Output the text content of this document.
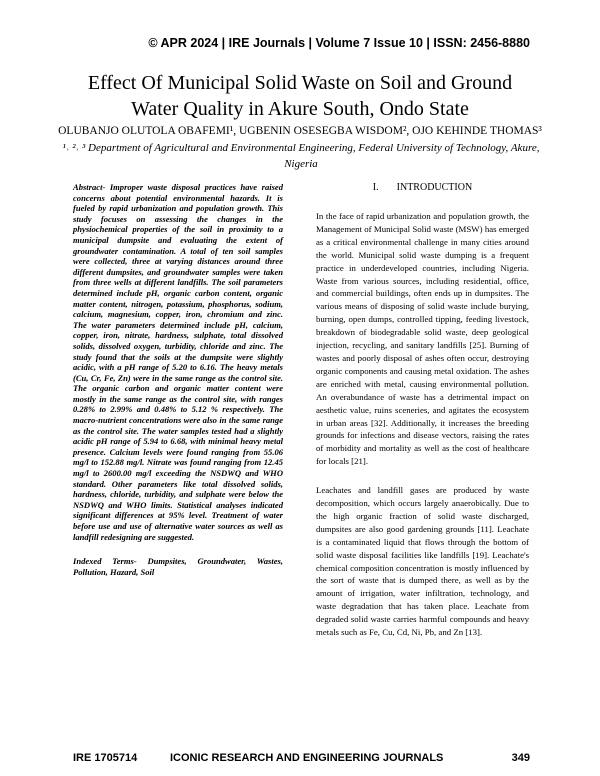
© APR 2024 | IRE Journals | Volume 7 Issue 10 | ISSN: 2456-8880
Effect Of Municipal Solid Waste on Soil and Ground
Water Quality in Akure South, Ondo State
OLUBANJO OLUTOLA OBAFEMI¹, UGBENIN OSESEGBA WISDOM², OJO KEHINDE THOMAS³
¹˒ ²˒ ³ Department of Agricultural and Environmental Engineering, Federal University of Technology, Akure, Nigeria

Abstract- Improper waste disposal practices have raised concerns about potential environmental hazards. It is fueled by rapid urbanization and population growth. This study focuses on assessing the changes in the physiochemical properties of the soil in proximity to a municipal dumpsite and evaluating the extent of groundwater contamination. A total of ten soil samples were collected, three at varying distances around three different dumpsites, and groundwater samples were taken from three wells at different landfills. The soil parameters determined include pH, organic carbon content, organic matter content, nitrogen, potassium, phosphorus, sodium, calcium, magnesium, copper, iron, chromium and zinc. The water parameters determined include pH, calcium, copper, iron, nitrate, hardness, sulphate, total dissolved solids, dissolved oxygen, turbidity, chloride and zinc. The study found that the soils at the dumpsite were slightly acidic, with a pH range of 5.20 to 6.16. The heavy metals (Cu, Cr, Fe, Zn) were in the same range as the control site. The organic carbon and organic matter content were mostly in the same range as the control site, with ranges 0.28% to 2.99% and 0.48% to 5.12 % respectively. The macro-nutrient concentrations were also in the same range as the control site. The water samples tested had a slightly acidic pH range of 5.94 to 6.68, with minimal heavy metal presence. Calcium levels were found ranging from 55.06 mg/l to 152.88 mg/l. Nitrate was found ranging from 12.45 mg/l to 2600.00 mg/l exceeding the NSDWQ and WHO standard. Other parameters like total dissolved solids, hardness, chloride, turbidity, and sulphate were below the NSDWQ and WHO limits. Statistical analyses indicated significant differences at 95% level. Treatment of water before use and use of alternative water sources as well as landfill redesigning are suggested.

Indexed Terms- Dumpsites, Groundwater, Wastes, Pollution, Hazard, Soil

I. INTRODUCTION

In the face of rapid urbanization and population growth, the Management of Municipal Solid waste (MSW) has emerged as a critical environmental challenge in many cities around the world. Municipal solid waste dumping is a frequent practice in underdeveloped countries, including Nigeria. Waste from various sources, including residential, office, and commercial buildings, often ends up in dumpsites. The various means of disposing of solid waste include burying, burning, open dumps, controlled tipping, feeding livestock, breakdown of biodegradable solid waste, deep geological injection, recycling, and sanitary landfills [25]. Burning of wastes and poorly disposal of ashes often occur, destroying organic components and causing metal oxidation. The ashes are enriched with metal, causing environmental pollution. An overabundance of waste has a detrimental impact on aesthetic value, ruins sceneries, and agitates the ecosystem in urban areas [32]. Additionally, it increases the breeding grounds for infections and disease vectors, raising the rates of morbidity and mortality as well as the cost of healthcare for locals [21].

Leachates and landfill gases are produced by waste decomposition, which occurs largely anaerobically. Due to the high organic fraction of solid waste discharged, dumpsites are also good gardening grounds [11]. Leachate is a contaminated liquid that flows through the bottom of solid waste disposal facilities like landfills [19]. Leachate's chemical composition concentration is mostly influenced by the sort of waste that is dumped there, as well as by the amount of irrigation, water infiltration, technology, and waste degradation that has taken place. Leachate from degraded solid waste carries harmful compounds and heavy metals such as Fe, Cu, Cd, Ni, Pb, and Zn [13].

IRE 1705714	ICONIC RESEARCH AND ENGINEERING JOURNALS	349
